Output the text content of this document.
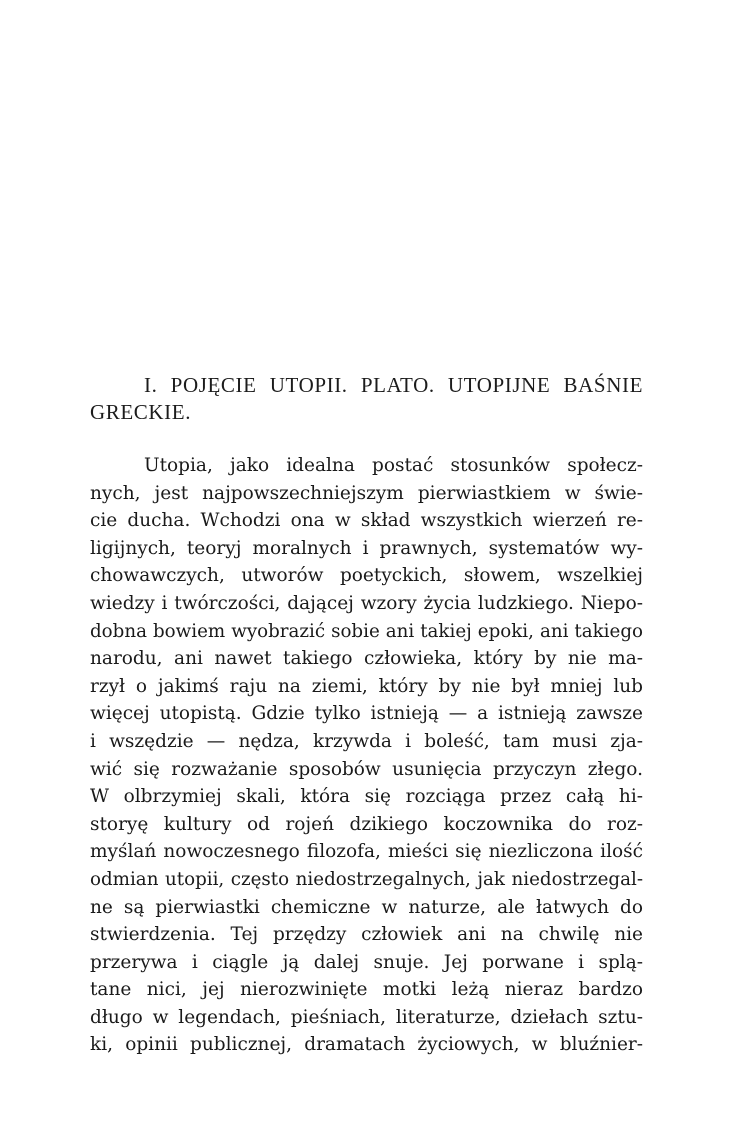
I. POJĘCIE UTOPII. PLATO. UTOPIJNE BAŚNIE GRECKIE.
Utopia, jako idealna postać stosunków społecz-
nych, jest najpowszechniejszym pierwiastkiem w świe-
cie ducha. Wchodzi ona w skład wszystkich wierzeń re-
ligijnych, teoryj moralnych i prawnych, systematów wy-
chowawczych, utworów poetyckich, słowem, wszelkiej
wiedzy i twórczości, dającej wzory życia ludzkiego. Niepo-
dobna bowiem wyobrazić sobie ani takiej epoki, ani takiego
narodu, ani nawet takiego człowieka, który by nie ma-
rzył o jakimś raju na ziemi, który by nie był mniej lub
więcej utopistą. Gdzie tylko istnieją — a istnieją zawsze
i wszędzie — nędza, krzywda i boleść, tam musi zja-
wić się rozważanie sposobów usunięcia przyczyn złego.
W olbrzymiej skali, która się rozciąga przez całą hi-
storyę kultury od rojeń dzikiego koczownika do roz-
myślań nowoczesnego filozofa, mieści się niezliczona ilość
odmian utopii, często niedostrzegalnych, jak niedostrzegal-
ne są pierwiastki chemiczne w naturze, ale łatwych do
stwierdzenia. Tej przędzy człowiek ani na chwilę nie
przerywa i ciągle ją dalej snuje. Jej porwane i splą-
tane nici, jej nierozwinięte motki leżą nieraz bardzo
długo w legendach, pieśniach, literaturze, dziełach sztu-
ki, opinii publicznej, dramatach życiowych, w bluźnier-
